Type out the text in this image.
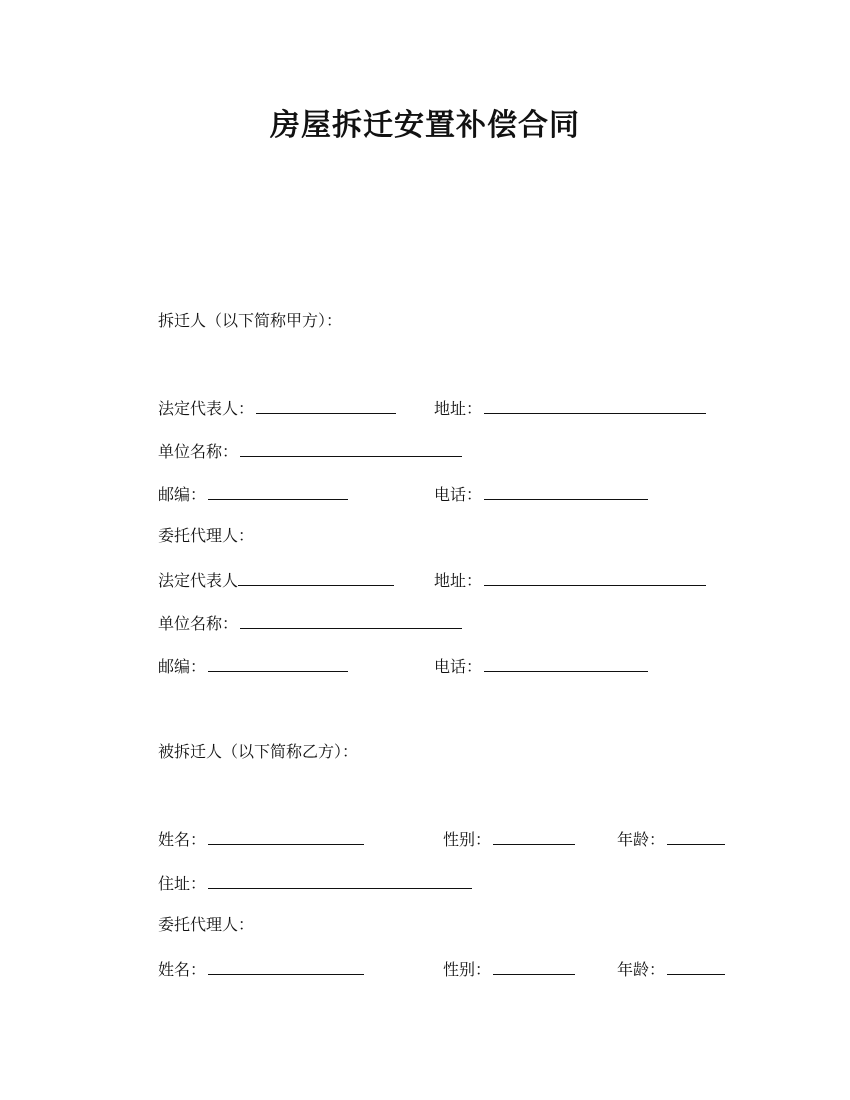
房屋拆迁安置补偿合同
拆迁人（以下简称甲方）：
法定代表人：	地址：
单位名称：
邮编：	电话：
委托代理人：
法定代表人	地址：
单位名称：
邮编：	电话：
被拆迁人（以下简称乙方）：
姓名：	性别：	年龄：
住址：
委托代理人：
姓名：	性别：	年龄：
